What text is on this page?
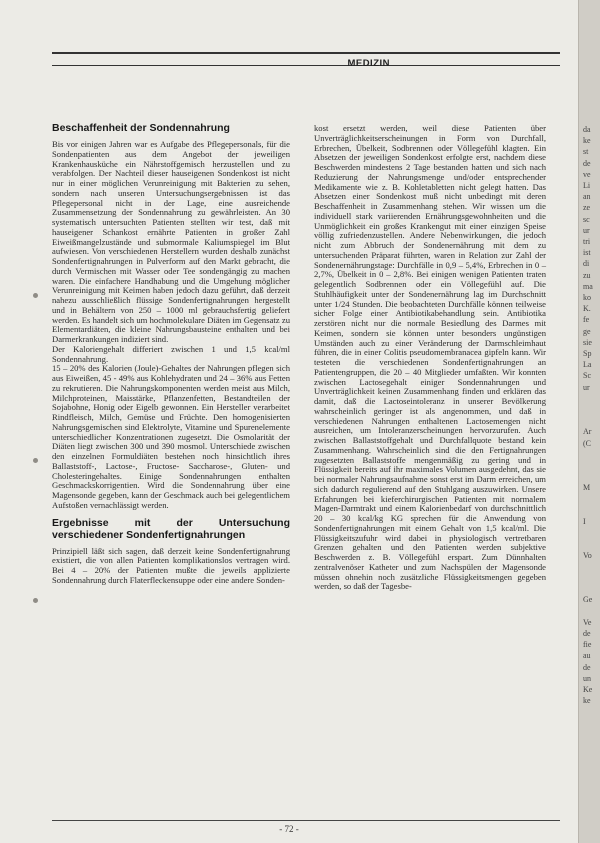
MEDIZIN
Beschaffenheit der Sondennahrung

Bis vor einigen Jahren war es Aufgabe des Pflegepersonals, für die Sondenpatienten aus dem Angebot der jeweiligen Krankenhausküche ein Nährstoffgemisch herzustellen und zu verabfolgen. Der Nachteil dieser hauseigenen Sondenkost ist nicht nur in einer möglichen Verunreinigung mit Bakterien zu sehen, sondern nach unseren Untersuchungsergebnissen ist das Pflegepersonal nicht in der Lage, eine ausreichende Zusammensetzung der Sondennahrung zu gewährleisten. An 30 systematisch untersuchten Patienten stellten wir test, daß mit hauseigener Schankost ernährte Patienten in großer Zahl Eiweißmangelzustände und submormale Kaliumspiegel im Blut aufwiesen. Von verschiedenen Herstellern wurden deshalb zunächst Sondenfertignahrungen in Pulverform auf den Markt gebracht, die durch Vermischen mit Wasser oder Tee sondengängig zu machen waren. Die einfachere Handhabung und die Umgehung möglicher Verunreinigung mit Keimen haben jedoch dazu geführt, daß derzeit nahezu ausschließlich flüssige Sondenfertignahrungen hergestellt und in Behältern von 250 – 1000 ml gebrauchsfertig geliefert werden. Es handelt sich um hochmolekulare Diäten im Gegensatz zu Elementardiäten, die kleine Nahrungsbausteine enthalten und bei Darmerkrankungen indiziert sind.

Der Kaloriengehalt differiert zwischen 1 und 1,5 kcal/ml Sondennahrung.

15 – 20% des Kalorien (Joule)-Gehaltes der Nahrungen pflegen sich aus Eiweißen, 45 - 49% aus Kohlehydraten und 24 – 36% aus Fetten zu rekrutieren. Die Nahrungskomponenten werden meist aus Milch, Milchproteinen, Maisstärke, Pflanzenfetten, Bestandteilen der Sojabohne, Honig oder Eigelb gewonnen. Ein Hersteller verarbeitet Rindfleisch, Milch, Gemüse und Früchte. Den homogenisierten Nahrungsgemischen sind Elektrolyte, Vitamine und Spurenelemente unterschiedlicher Konzentrationen zugesetzt. Die Osmolarität der Diäten liegt zwischen 300 und 390 mosmol. Unterschiede zwischen den einzelnen Formuldiäten bestehen noch hinsichtlich ihres Ballaststoff-, Lactose-, Fructose- Saccharose-, Gluten- und Cholesteringehaltes. Einige Sondennahrungen enthalten Geschmackskorrigentien. Wird die Sondennahrung über eine Magensonde gegeben, kann der Geschmack auch bei gelegentlichem Aufstoßen vernachlässigt werden.

Ergebnisse mit der Untersuchung verschiedener Sondenfertignahrungen

Prinzipiell läßt sich sagen, daß derzeit keine Sondenfertignahrung existiert, die von allen Patienten komplikationslos vertragen wird. Bei 4 – 20% der Patienten mußte die jeweils applizierte Sondennahrung durch Flaterfleckensuppe oder eine andere Sonden-

kost ersetzt werden, weil diese Patienten über Unverträglichkeitserscheinungen in Form von Durchfall, Erbrechen, Übelkeit, Sodbrennen oder Völlegefühl klagten. Ein Absetzen der jeweiligen Sondenkost erfolgte erst, nachdem diese Beschwerden mindestens 2 Tage bestanden hatten und sich nach Reduzierung der Nahrungsmenge und/oder entsprechender Medikamente wie z. B. Kohletabletten nicht gelegt hatten. Das Absetzen einer Sondenkost muß nicht unbedingt mit deren Beschaffenheit in Zusammenhang stehen. Wir wissen um die individuell stark variierenden Ernährungsgewohnheiten und die Unmöglichkeit ein großes Krankengut mit einer einzigen Speise völlig zufriedenzustellen. Andere Nebenwirkungen, die jedoch nicht zum Abbruch der Sondenernährung mit dem zu untersuchenden Präparat führten, waren in Relation zur Zahl der Sondenernährungstage: Durchfälle in 0,9 – 5,4%, Erbrechen in 0 – 2,7%, Übelkeit in 0 – 2,8%. Bei einigen wenigen Patienten traten gelegentlich Sodbrennen oder ein Völlegefühl auf. Die Stuhlhäufigkeit unter der Sondenernährung lag im Durchschnitt unter 1/24 Stunden. Die beobachteten Durchfälle können teilweise sicher Folge einer Antibiotikabehandlung sein. Antibiotika zerstören nicht nur die normale Besiedlung des Darmes mit Keimen, sondern sie können unter besonders ungünstigen Umständen auch zu einer Veränderung der Darmschleimhaut führen, die in einer Colitis pseudomembranacea gipfeln kann. Wir testeten die verschiedenen Sondenfertignahrungen an Patientengruppen, die 20 – 40 Mitglieder umfaßten. Wir konnten zwischen Lactosegehalt einiger Sondennahrungen und Unverträglichkeit keinen Zusammenhang finden und erklären das damit, daß die Lactoseintoleranz in unserer Bevölkerung wahrscheinlich geringer ist als angenommen, und daß in verschiedenen Nahrungen enthaltenen Lactosemengen nicht ausreichen, um Intoleranzerscheinungen hervorzurufen. Auch zwischen Ballaststoffgehalt und Durchfallquote bestand kein Zusammenhang. Wahrscheinlich sind die den Fertignahrungen zugesetzten Ballaststoffe mengenmäßig zu gering und in Flüssigkeit bereits auf ihr maximales Volumen ausgedehnt, das sie bei normaler Nahrungsaufnahme sonst erst im Darm erreichen, um sich dadurch regulierend auf den Stuhlgang auszuwirken. Unsere Erfahrungen bei kieferchirurgischen Patienten mit normalem Magen-Darmtrakt und einem Kalorienbedarf von durchschnittlich 20 – 30 kcal/kg KG sprechen für die Anwendung von Sondenfertignahrungen mit einem Gehalt von 1,5 kcal/ml. Die Flüssigkeitszufuhr wird dabei in physiologisch vertretbaren Grenzen gehalten und den Patienten werden subjektive Beschwerden z. B. Völlegefühl erspart. Zum Dünnhalten zentralvenöser Katheter und zum Nachspülen der Magensonde müssen ohnehin noch zusätzliche Flüssigkeitsmengen gegeben werden, so daß der Tagesbe-

- 72 -
da
ke
st
de
ve
Li
an
ze
sc
ur
tri
ist
di
zu
ma
ko
K.
fe
ge
sie
Sp
La
Sc
ur
Ar
(C
M
I
Vo
Ge
Ve
de
fie
au
de
un
Ke
ke
